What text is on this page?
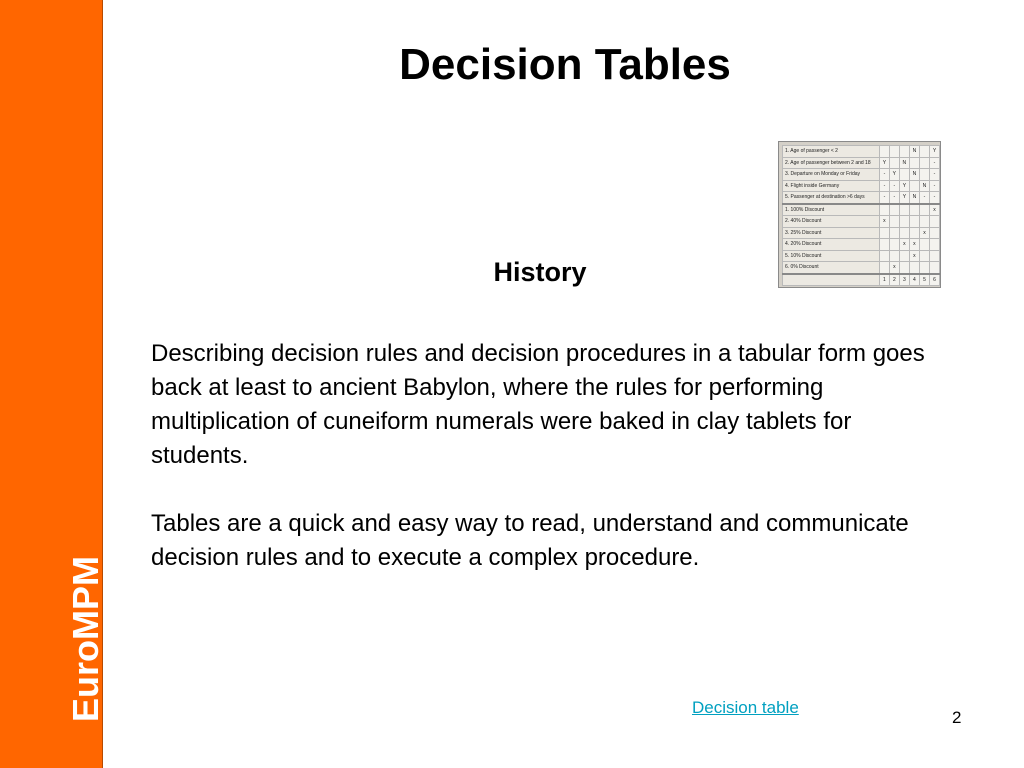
EuroMPM
Decision Tables
1. Age of passenger < 2				N		Y
2. Age of passenger between 2 and 18	Y		N			-
3. Departure on Monday or Friday	-	Y		N		-
4. Flight inside Germany	-	-	Y		N	-
5. Passenger at destination >6 days	-	-	Y	N	-	-
1. 100% Discount						x
2. 40% Discount	x					
3. 25% Discount					x	
4. 20% Discount			x	x		
5. 10% Discount				x		
6. 0% Discount		x				
	1	2	3	4	5	6
History

Describing decision rules and decision procedures in a tabular form goes back at least to ancient Babylon, where the rules for performing multiplication of cuneiform numerals were baked in clay tablets for students.

Tables are a quick and easy way to read, understand and communicate decision rules and to execute a complex procedure.

Decision table
2
